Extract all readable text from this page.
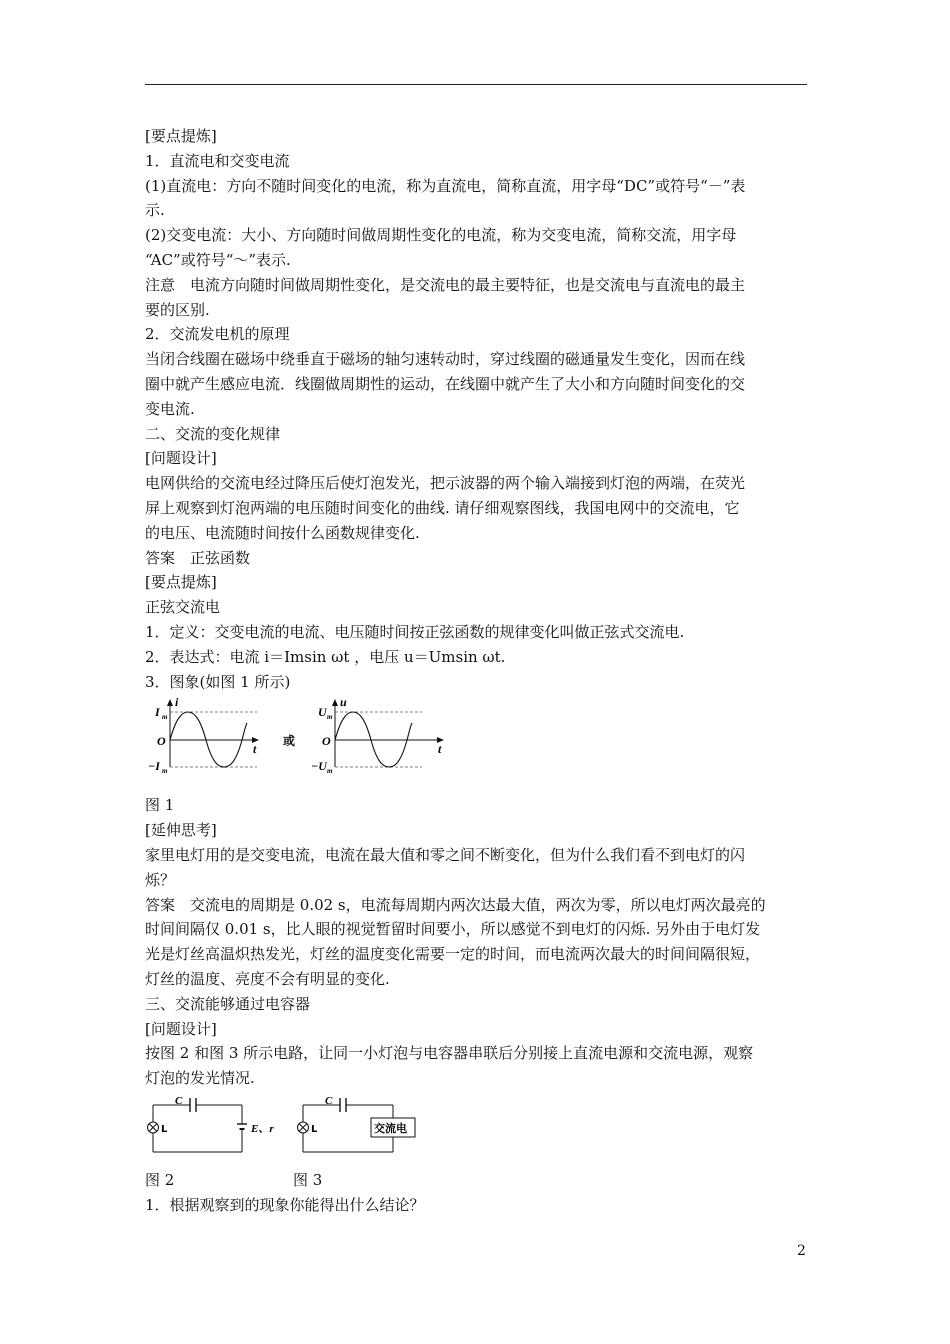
[要点提炼]

1．直流电和交变电流

(1)直流电：方向不随时间变化的电流，称为直流电，简称直流，用字母“DC”或符号“－”表

示.

(2)交变电流：大小、方向随时间做周期性变化的电流，称为交变电流，简称交流，用字母

“AC”或符号“～”表示.

注意　电流方向随时间做周期性变化，是交流电的最主要特征，也是交流电与直流电的最主

要的区别.

2．交流发电机的原理

当闭合线圈在磁场中绕垂直于磁场的轴匀速转动时，穿过线圈的磁通量发生变化，因而在线

圈中就产生感应电流．线圈做周期性的运动，在线圈中就产生了大小和方向随时间变化的交

变电流.

二、交流的变化规律

[问题设计]

电网供给的交流电经过降压后使灯泡发光，把示波器的两个输入端接到灯泡的两端，在荧光

屏上观察到灯泡两端的电压随时间变化的曲线. 请仔细观察图线，我国电网中的交流电，它

的电压、电流随时间按什么函数规律变化.

答案　正弦函数

[要点提炼]

正弦交流电

1．定义：交变电流的电流、电压随时间按正弦函数的规律变化叫做正弦式交流电.

2．表达式：电流 i＝Imsin ωt ，电压 u＝Umsin ωt.

3．图象(如图 1 所示)

i
t
O
I m
−I m
或
u
t
O
U m
−U m

图 1

[延伸思考]

家里电灯用的是交变电流，电流在最大值和零之间不断变化，但为什么我们看不到电灯的闪

烁？

答案　交流电的周期是 0.02 s，电流每周期内两次达最大值，两次为零，所以电灯两次最亮的

时间间隔仅 0.01 s，比人眼的视觉暂留时间要小，所以感觉不到电灯的闪烁. 另外由于电灯发

光是灯丝高温炽热发光，灯丝的温度变化需要一定的时间，而电流两次最大的时间间隔很短，

灯丝的温度、亮度不会有明显的变化.

三、交流能够通过电容器

[问题设计]

按图 2 和图 3 所示电路，让同一小灯泡与电容器串联后分别接上直流电源和交流电源，观察

灯泡的发光情况.

C
L	E、r
C
L	交流电
图 2	图 3

1．根据观察到的现象你能得出什么结论？

2
